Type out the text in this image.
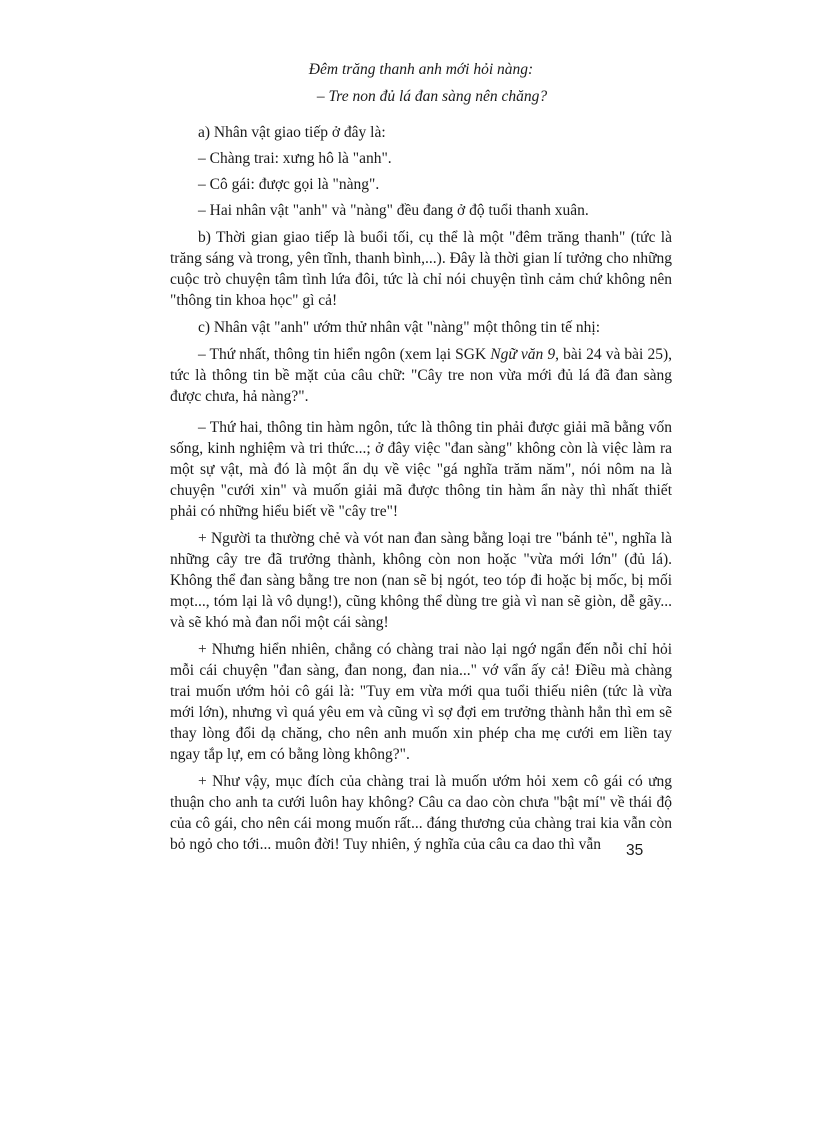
Đêm trăng thanh anh mới hỏi nàng:
– Tre non đủ lá đan sàng nên chăng?

a) Nhân vật giao tiếp ở đây là:

– Chàng trai: xưng hô là "anh".

– Cô gái: được gọi là "nàng".

– Hai nhân vật "anh" và "nàng" đều đang ở độ tuổi thanh xuân.

b) Thời gian giao tiếp là buổi tối, cụ thể là một "đêm trăng thanh" (tức là trăng sáng và trong, yên tĩnh, thanh bình,...). Đây là thời gian lí tưởng cho những cuộc trò chuyện tâm tình lứa đôi, tức là chỉ nói chuyện tình cảm chứ không nên "thông tin khoa học" gì cả!

c) Nhân vật "anh" ướm thử nhân vật "nàng" một thông tin tế nhị:

– Thứ nhất, thông tin hiển ngôn (xem lại SGK Ngữ văn 9, bài 24 và bài 25), tức là thông tin bề mặt của câu chữ: "Cây tre non vừa mới đủ lá đã đan sàng được chưa, hả nàng?".

– Thứ hai, thông tin hàm ngôn, tức là thông tin phải được giải mã bằng vốn sống, kinh nghiệm và tri thức...; ở đây việc "đan sàng" không còn là việc làm ra một sự vật, mà đó là một ẩn dụ về việc "gá nghĩa trăm năm", nói nôm na là chuyện "cưới xin" và muốn giải mã được thông tin hàm ẩn này thì nhất thiết phải có những hiểu biết về "cây tre"!

+ Người ta thường chẻ và vót nan đan sàng bằng loại tre "bánh tẻ", nghĩa là những cây tre đã trưởng thành, không còn non hoặc "vừa mới lớn" (đủ lá). Không thể đan sàng bằng tre non (nan sẽ bị ngót, teo tóp đi hoặc bị mốc, bị mối mọt..., tóm lại là vô dụng!), cũng không thể dùng tre già vì nan sẽ giòn, dễ gãy... và sẽ khó mà đan nổi một cái sàng!

+ Nhưng hiển nhiên, chẳng có chàng trai nào lại ngớ ngẩn đến nỗi chỉ hỏi mỗi cái chuyện "đan sàng, đan nong, đan nia..." vớ vẩn ấy cả! Điều mà chàng trai muốn ướm hỏi cô gái là: "Tuy em vừa mới qua tuổi thiếu niên (tức là vừa mới lớn), nhưng vì quá yêu em và cũng vì sợ đợi em trưởng thành hẳn thì em sẽ thay lòng đổi dạ chăng, cho nên anh muốn xin phép cha mẹ cưới em liền tay ngay tắp lự, em có bằng lòng không?".

+ Như vậy, mục đích của chàng trai là muốn ướm hỏi xem cô gái có ưng thuận cho anh ta cưới luôn hay không? Câu ca dao còn chưa "bật mí" về thái độ của cô gái, cho nên cái mong muốn rất... đáng thương của chàng trai kia vẫn còn bỏ ngỏ cho tới... muôn đời! Tuy nhiên, ý nghĩa của câu ca dao thì vẫn	35
